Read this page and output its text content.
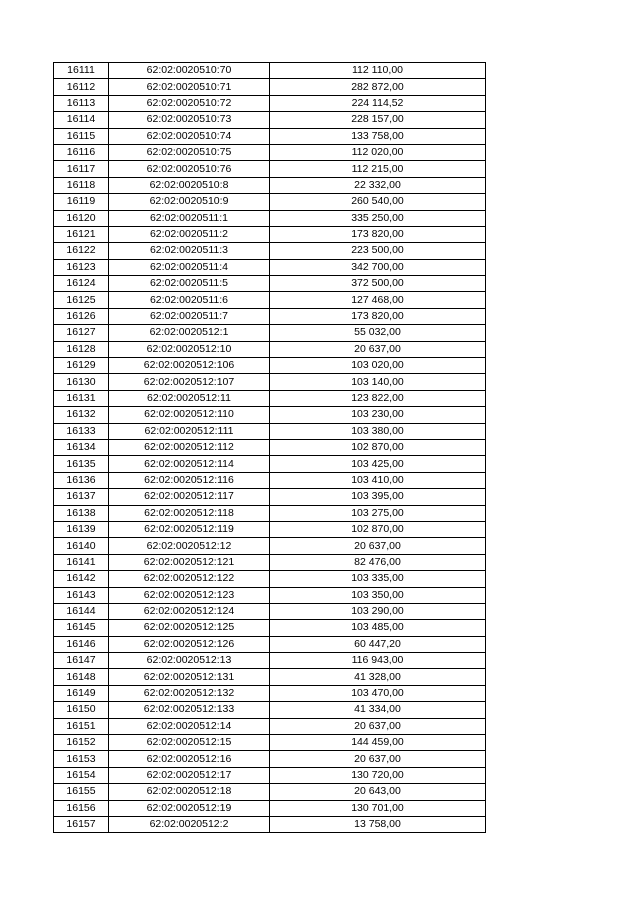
16111	62:02:0020510:70	112 110,00
16112	62:02:0020510:71	282 872,00
16113	62:02:0020510:72	224 114,52
16114	62:02:0020510:73	228 157,00
16115	62:02:0020510:74	133 758,00
16116	62:02:0020510:75	112 020,00
16117	62:02:0020510:76	112 215,00
16118	62:02:0020510:8	22 332,00
16119	62:02:0020510:9	260 540,00
16120	62:02:0020511:1	335 250,00
16121	62:02:0020511:2	173 820,00
16122	62:02:0020511:3	223 500,00
16123	62:02:0020511:4	342 700,00
16124	62:02:0020511:5	372 500,00
16125	62:02:0020511:6	127 468,00
16126	62:02:0020511:7	173 820,00
16127	62:02:0020512:1	55 032,00
16128	62:02:0020512:10	20 637,00
16129	62:02:0020512:106	103 020,00
16130	62:02:0020512:107	103 140,00
16131	62:02:0020512:11	123 822,00
16132	62:02:0020512:110	103 230,00
16133	62:02:0020512:111	103 380,00
16134	62:02:0020512:112	102 870,00
16135	62:02:0020512:114	103 425,00
16136	62:02:0020512:116	103 410,00
16137	62:02:0020512:117	103 395,00
16138	62:02:0020512:118	103 275,00
16139	62:02:0020512:119	102 870,00
16140	62:02:0020512:12	20 637,00
16141	62:02:0020512:121	82 476,00
16142	62:02:0020512:122	103 335,00
16143	62:02:0020512:123	103 350,00
16144	62:02:0020512:124	103 290,00
16145	62:02:0020512:125	103 485,00
16146	62:02:0020512:126	60 447,20
16147	62:02:0020512:13	116 943,00
16148	62:02:0020512:131	41 328,00
16149	62:02:0020512:132	103 470,00
16150	62:02:0020512:133	41 334,00
16151	62:02:0020512:14	20 637,00
16152	62:02:0020512:15	144 459,00
16153	62:02:0020512:16	20 637,00
16154	62:02:0020512:17	130 720,00
16155	62:02:0020512:18	20 643,00
16156	62:02:0020512:19	130 701,00
16157	62:02:0020512:2	13 758,00
